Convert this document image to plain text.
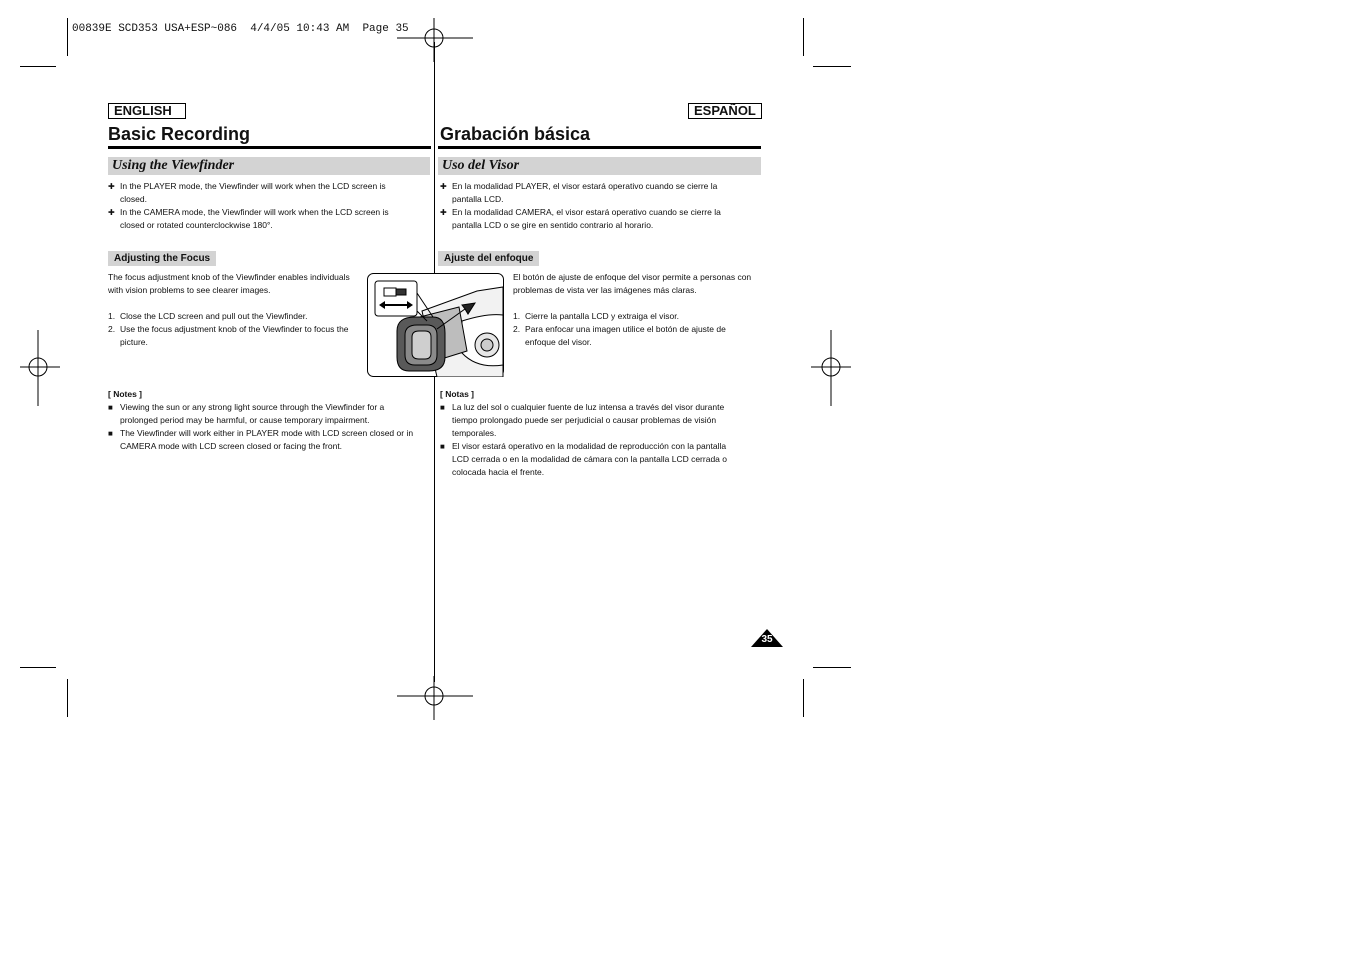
00839E SCD353 USA+ESP~086  4/4/05 10:43 AM  Page 35
ENGLISH
Basic Recording
Using the Viewfinder
✚ In the PLAYER mode, the Viewfinder will work when the LCD screen is closed.
✚ In the CAMERA mode, the Viewfinder will work when the LCD screen is closed or rotated counterclockwise 180°.
Adjusting the Focus
The focus adjustment knob of the Viewfinder enables individuals with vision problems to see clearer images.
1. Close the LCD screen and pull out the Viewfinder.
2. Use the focus adjustment knob of the Viewfinder to focus the picture.
[ Notes ]
■ Viewing the sun or any strong light source through the Viewfinder for a prolonged period may be harmful, or cause temporary impairment.
■ The Viewfinder will work either in PLAYER mode with LCD screen closed or in CAMERA mode with LCD screen closed or facing the front.
ESPAÑOL
Grabación básica
Uso del Visor
✚ En la modalidad PLAYER, el visor estará operativo cuando se cierre la pantalla LCD.
✚ En la modalidad CAMERA, el visor estará operativo cuando se cierre la pantalla LCD o se gire en sentido contrario al horario.
Ajuste del enfoque
El botón de ajuste de enfoque del visor permite a personas con problemas de vista ver las imágenes más claras.
1. Cierre la pantalla LCD y extraiga el visor.
2. Para enfocar una imagen utilice el botón de ajuste de enfoque del visor.
[ Notas ]
■ La luz del sol o cualquier fuente de luz intensa a través del visor durante tiempo prolongado puede ser perjudicial o causar problemas de visión temporales.
■ El visor estará operativo en la modalidad de reproducción con la pantalla LCD cerrada o en la modalidad de cámara con la pantalla LCD cerrada o colocada hacia el frente.
35
